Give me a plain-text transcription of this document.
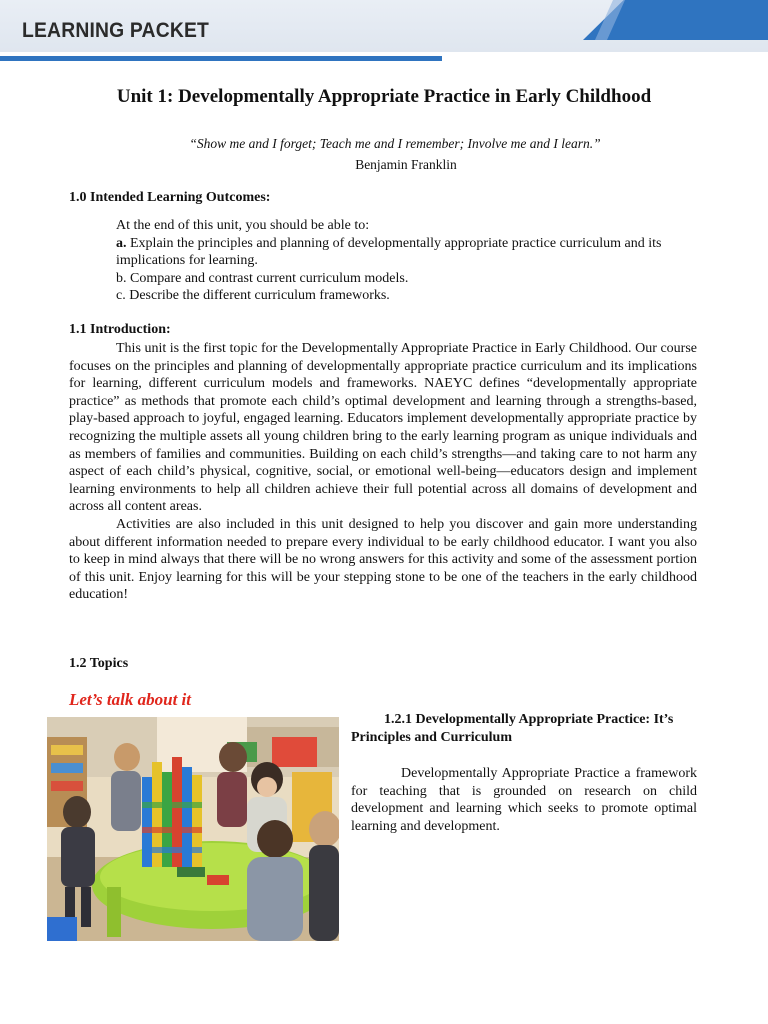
LEARNING PACKET
Unit 1: Developmentally Appropriate Practice in Early Childhood
“Show me and I forget; Teach me and I remember; Involve me and I learn.”
Benjamin Franklin
1.0 Intended Learning Outcomes:
At the end of this unit, you should be able to:
a. Explain the principles and planning of developmentally appropriate practice curriculum and its implications for learning.
b. Compare and contrast current curriculum models.
c. Describe the different curriculum frameworks.
1.1 Introduction:

This unit is the first topic for the Developmentally Appropriate Practice in Early Childhood. Our course focuses on the principles and planning of developmentally appropriate practice curriculum and its implications for learning, different curriculum models and frameworks. NAEYC defines “developmentally appropriate practice” as methods that promote each child’s optimal development and learning through a strengths-based, play-based approach to joyful, engaged learning. Educators implement developmentally appropriate practice by recognizing the multiple assets all young children bring to the early learning program as unique individuals and as members of families and communities. Building on each child’s strengths—and taking care to not harm any aspect of each child’s physical, cognitive, social, or emotional well-being—educators design and implement learning environments to help all children achieve their full potential across all domains of development and across all content areas.

Activities are also included in this unit designed to help you discover and gain more understanding about different information needed to prepare every individual to be early childhood educator. I want you also to keep in mind always that there will be no wrong answers for this activity and some of the assessment portion of this unit. Enjoy learning for this will be your stepping stone to be one of the teachers in the early childhood education!

1.2 Topics
Let’s talk about it
1.2.1 Developmentally Appropriate Practice: It’s Principles and Curriculum

Developmentally Appropriate Practice a framework for teaching that is grounded on research on child development and learning which seeks to promote optimal learning and development.
